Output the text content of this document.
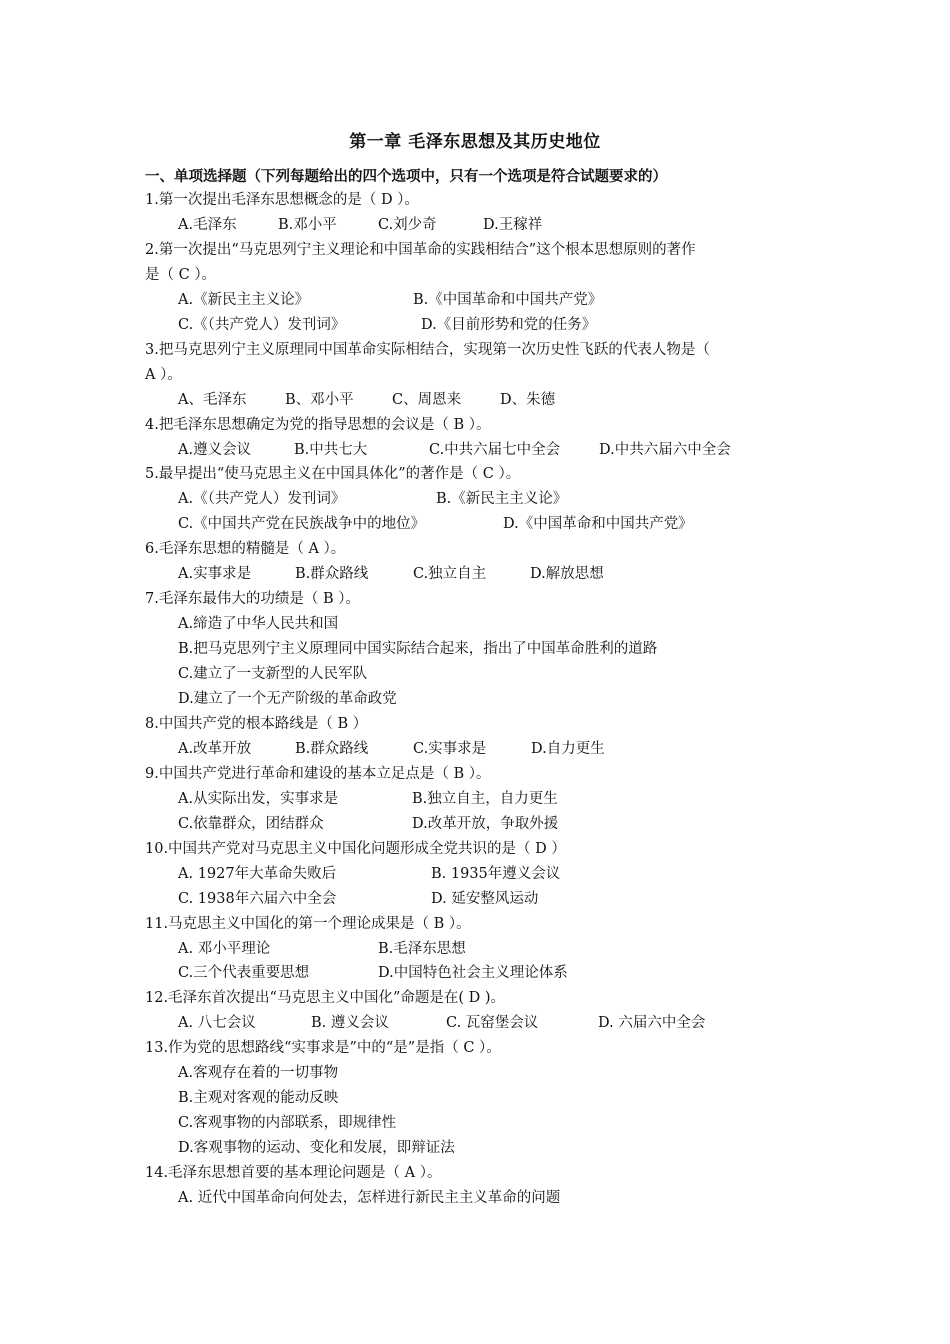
第一章 毛泽东思想及其历史地位
一、单项选择题（下列每题给出的四个选项中，只有一个选项是符合试题要求的）
1.第一次提出毛泽东思想概念的是（ D ）。
A.毛泽东	B.邓小平	C.刘少奇	D.王稼祥
2.第一次提出“马克思列宁主义理论和中国革命的实践相结合”这个根本思想原则的著作
是（ C ）。
A.《新民主主义论》	B.《中国革命和中国共产党》
C.《（共产党人）发刊词》	D.《目前形势和党的任务》
3.把马克思列宁主义原理同中国革命实际相结合，实现第一次历史性飞跃的代表人物是（
A ）。
A、毛泽东	B、邓小平	C、周恩来	D、朱德
4.把毛泽东思想确定为党的指导思想的会议是（ B ）。
A.遵义会议	B.中共七大	C.中共六届七中全会	D.中共六届六中全会
5.最早提出“使马克思主义在中国具体化”的著作是（ C ）。
A.《（共产党人）发刊词》	B.《新民主主义论》
C.《中国共产党在民族战争中的地位》	D.《中国革命和中国共产党》
6.毛泽东思想的精髓是（ A ）。
A.实事求是	B.群众路线	C.独立自主	D.解放思想
7.毛泽东最伟大的功绩是（ B ）。
A.缔造了中华人民共和国
B.把马克思列宁主义原理同中国实际结合起来，指出了中国革命胜利的道路
C.建立了一支新型的人民军队
D.建立了一个无产阶级的革命政党
8.中国共产党的根本路线是（ B ）
A.改革开放	B.群众路线	C.实事求是	D.自力更生
9.中国共产党进行革命和建设的基本立足点是（ B ）。
A.从实际出发，实事求是	B.独立自主，自力更生
C.依靠群众，团结群众	D.改革开放，争取外援
10.中国共产党对马克思主义中国化问题形成全党共识的是（ D ）
A. 1927年大革命失败后	B. 1935年遵义会议
C. 1938年六届六中全会	D. 延安整风运动
11.马克思主义中国化的第一个理论成果是（ B ）。
A. 邓小平理论	B.毛泽东思想
C.三个代表重要思想	D.中国特色社会主义理论体系
12.毛泽东首次提出“马克思主义中国化”命题是在( D )。
A. 八七会议	B. 遵义会议	C. 瓦窑堡会议	D. 六届六中全会
13.作为党的思想路线“实事求是”中的“是”是指（ C ）。
A.客观存在着的一切事物
B.主观对客观的能动反映
C.客观事物的内部联系，即规律性
D.客观事物的运动、变化和发展，即辩证法
14.毛泽东思想首要的基本理论问题是（ A ）。
A. 近代中国革命向何处去，怎样进行新民主主义革命的问题
